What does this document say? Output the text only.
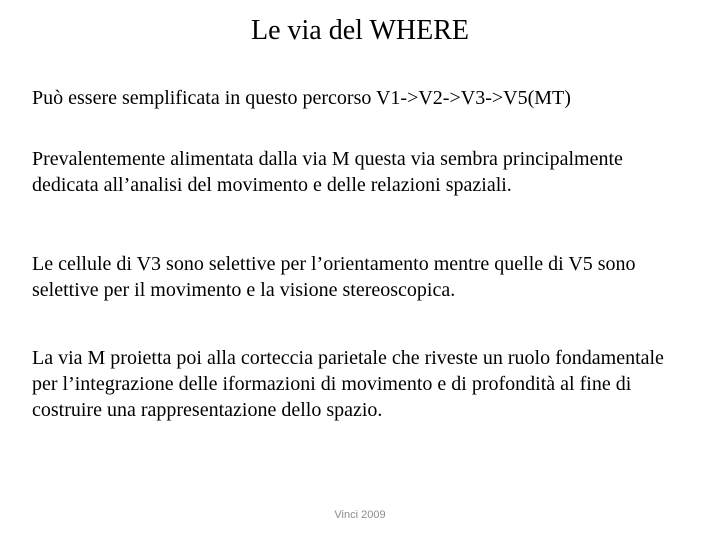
Le via del WHERE

Può essere semplificata in questo percorso V1->V2->V3->V5(MT)

Prevalentemente alimentata dalla via M questa via sembra principalmente dedicata all’analisi del movimento e delle relazioni spaziali.

Le cellule di V3 sono selettive per l’orientamento mentre quelle di V5 sono selettive per il movimento e la visione stereoscopica.

La via M proietta poi alla corteccia parietale che riveste un ruolo fondamentale per l’integrazione delle iformazioni di movimento e di profondità al fine di costruire una rappresentazione dello spazio.

Vinci 2009
